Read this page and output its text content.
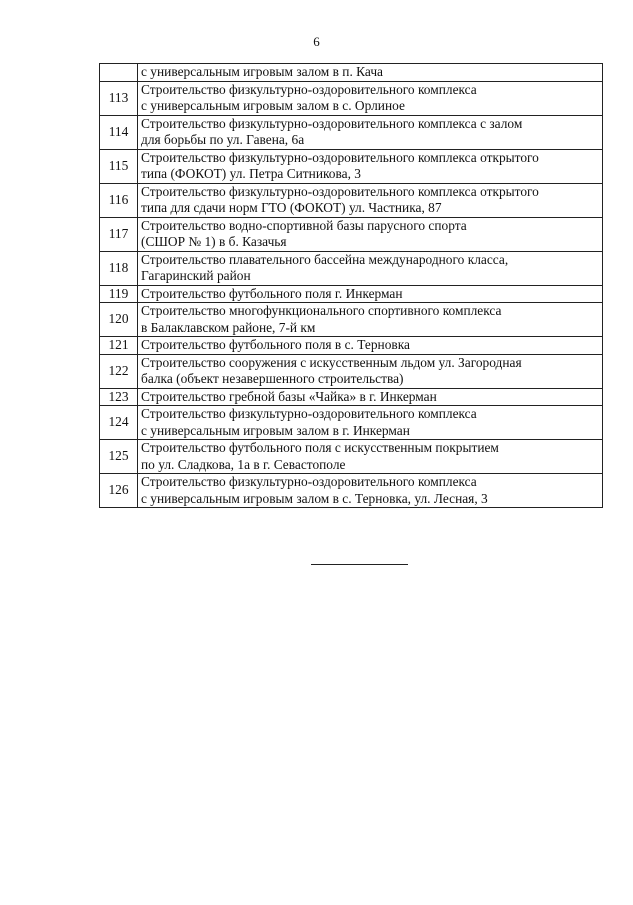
6

	с универсальным игровым залом в п. Кача

113	Строительство физкультурно-оздоровительного комплекса
с универсальным игровым залом в с. Орлиное

114	Строительство физкультурно-оздоровительного комплекса с залом
для борьбы по ул. Гавена, 6а

115	Строительство физкультурно-оздоровительного комплекса открытого
типа (ФОКОТ) ул. Петра Ситникова, 3

116	Строительство физкультурно-оздоровительного комплекса открытого
типа для сдачи норм ГТО (ФОКОТ) ул. Частника, 87

117	Строительство водно-спортивной базы парусного спорта
(СШОР № 1) в б. Казачья

118	Строительство плавательного бассейна международного класса,
Гагаринский район

119	Строительство футбольного поля г. Инкерман

120	Строительство многофункционального спортивного комплекса
в Балаклавском районе, 7-й км

121	Строительство футбольного поля в с. Терновка

122	Строительство сооружения с искусственным льдом ул. Загородная
балка (объект незавершенного строительства)

123	Строительство гребной базы «Чайка» в г. Инкерман

124	Строительство физкультурно-оздоровительного комплекса
с универсальным игровым залом в г. Инкерман

125	Строительство футбольного поля с искусственным покрытием
по ул. Сладкова, 1а в г. Севастополе

126	Строительство физкультурно-оздоровительного комплекса
с универсальным игровым залом в с. Терновка, ул. Лесная, 3
